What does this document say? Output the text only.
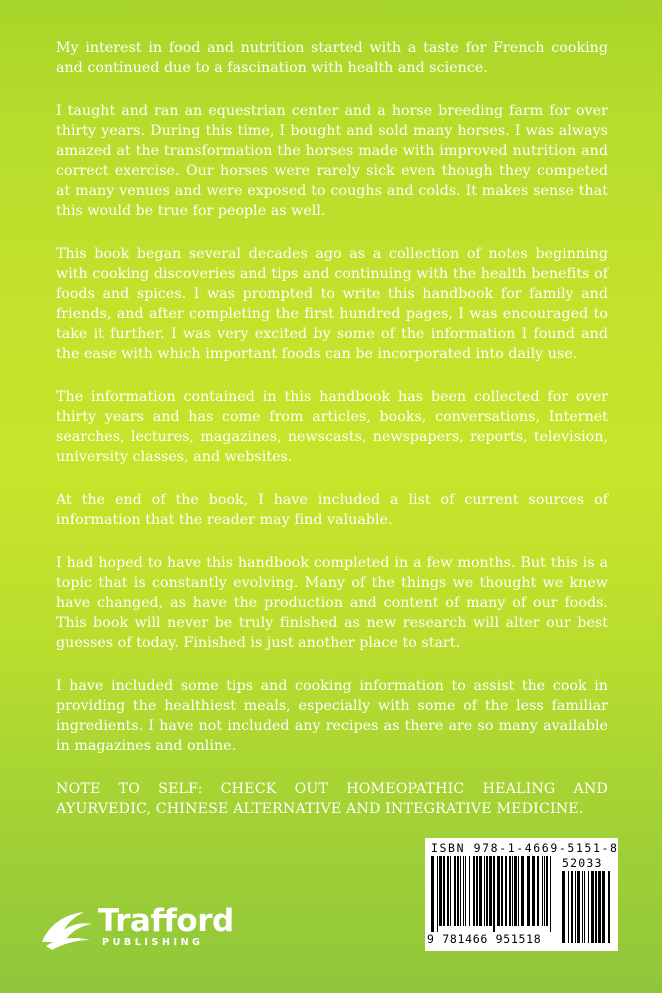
My interest in food and nutrition started with a taste for French cooking and continued due to a fascination with health and science.

I taught and ran an equestrian center and a horse breeding farm for over thirty years. During this time, I bought and sold many horses. I was always amazed at the transformation the horses made with improved nutrition and correct exercise. Our horses were rarely sick even though they competed at many venues and were exposed to coughs and colds. It makes sense that this would be true for people as well.

This book began several decades ago as a collection of notes beginning with cooking discoveries and tips and continuing with the health benefits of foods and spices. I was prompted to write this handbook for family and friends, and after completing the first hundred pages, I was encouraged to take it further. I was very excited by some of the information I found and the ease with which important foods can be incorporated into daily use.

The information contained in this handbook has been collected for over thirty years and has come from articles, books, conversations, Internet searches, lectures, magazines, newscasts, newspapers, reports, television, university classes, and websites.

At the end of the book, I have included a list of current sources of information that the reader may find valuable.

I had hoped to have this handbook completed in a few months. But this is a topic that is constantly evolving. Many of the things we thought we knew have changed, as have the production and content of many of our foods. This book will never be truly finished as new research will alter our best guesses of today. Finished is just another place to start.

I have included some tips and cooking information to assist the cook in providing the healthiest meals, especially with some of the less familiar ingredients. I have not included any recipes as there are so many available in magazines and online.

NOTE TO SELF: CHECK OUT HOMEOPATHIC HEALING AND AYURVEDIC, CHINESE ALTERNATIVE AND INTEGRATIVE MEDICINE.

ISBN 978-1-4669-5151-8
52033
9 781466 951518
Trafford
PUBLISHING
